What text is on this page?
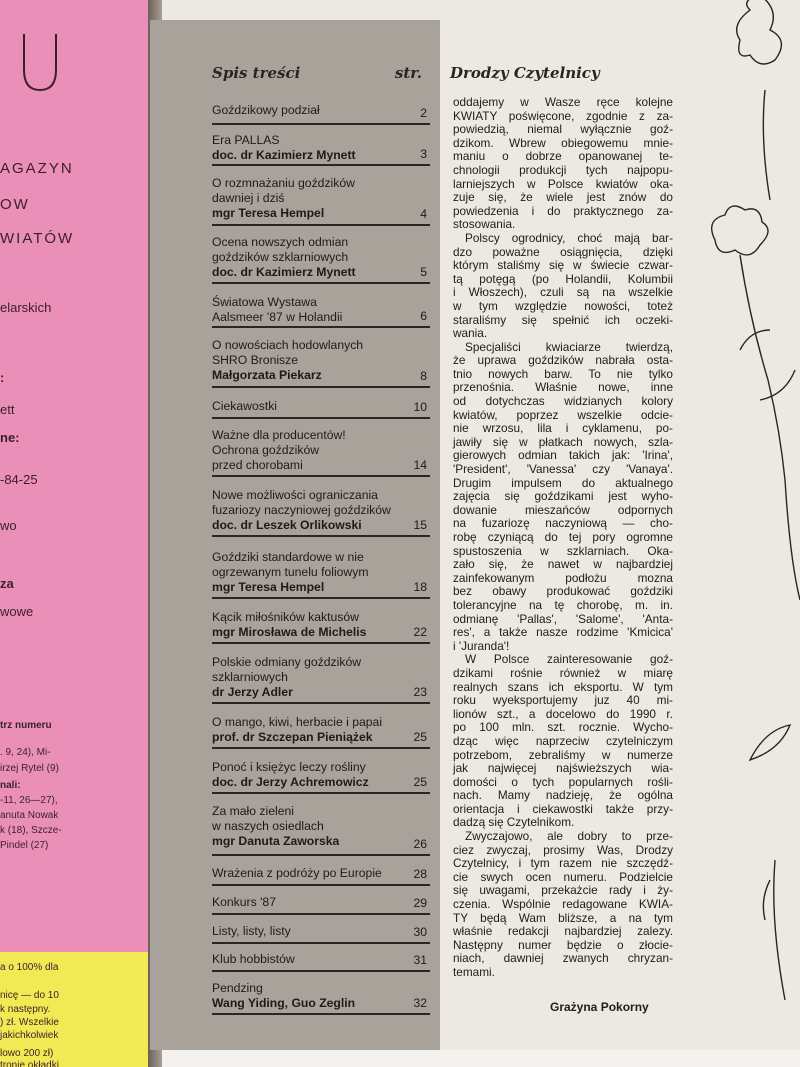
AGAZYN
OW
WIATÓW
elarskich
:
ett
ne:
-84-25
wo
za
wowe
trz numeru
. 9, 24), Mi-
irzej Rytel (9)
nali:
-11, 26—27),
anuta Nowak
k (18), Szcze-
Pindel (27)
a o 100% dla
nicę — do 10
k następny.
) zł. Wszelkie
jakichkolwiek
lowo 200 zł)
tronie okładki
Spis treści	str.
Goździkowy podział	2
Era PALLAS
doc. dr Kazimierz Mynett	3
O rozmnażaniu goździków
dawniej i dziś
mgr Teresa Hempel	4
Ocena nowszych odmian
goździków szklarniowych
doc. dr Kazimierz Mynett	5
Światowa Wystawa
Aalsmeer '87 w Holandii	6
O nowościach hodowlanych
SHRO Bronisze
Małgorzata Piekarz	8
Ciekawostki	10
Ważne dla producentów!
Ochrona goździków
przed chorobami	14
Nowe możliwości ograniczania
fuzariozy naczyniowej goździków
doc. dr Leszek Orlikowski	15
Goździki standardowe w nie
ogrzewanym tunelu foliowym
mgr Teresa Hempel	18
Kącik miłośników kaktusów
mgr Mirosława de Michelis	22
Polskie odmiany goździków
szklarniowych
dr Jerzy Adler	23
O mango, kiwi, herbacie i papai
prof. dr Szczepan Pieniążek	25
Ponoć i księżyc leczy rośliny
doc. dr Jerzy Achremowicz	25
Za mało zieleni
w naszych osiedlach
mgr Danuta Zaworska	26
Wrażenia z podróży po Europie	28
Konkurs '87	29
Listy, listy, listy	30
Klub hobbistów	31
Pendzing
Wang Yiding, Guo Zeglin	32
Drodzy Czytelnicy
oddajemy w Wasze ręce kolejne
KWIATY poświęcone, zgodnie z za-
powiedzią, niemal wyłącznie goź-
dzikom. Wbrew obiegowemu mnie-
maniu o dobrze opanowanej te-
chnologii produkcji tych najpopu-
larniejszych w Polsce kwiatów oka-
zuje się, że wiele jest znów do
powiedzenia i do praktycznego za-
stosowania.
Polscy ogrodnicy, choć mają bar-
dzo poważne osiągnięcia, dzięki
którym staliśmy się w świecie czwar-
tą potęgą (po Holandii, Kolumbii
i Włoszech), czuli są na wszelkie
w tym względzie nowości, toteż
staraliśmy się spełnić ich oczeki-
wania.
Specjaliści kwiaciarze twierdzą,
że uprawa goździków nabrała osta-
tnio nowych barw. To nie tylko
przenośnia. Właśnie nowe, inne
od dotychczas widzianych kolory
kwiatów, poprzez wszelkie odcie-
nie wrzosu, lila i cyklamenu, po-
jawiły się w płatkach nowych, szla-
gierowych odmian takich jak: 'Irina',
'President', 'Vanessa' czy 'Vanaya'.
Drugim impulsem do aktualnego
zajęcia się goździkami jest wyho-
dowanie mieszańców odpornych
na fuzariozę naczyniową — cho-
robę czyniącą do tej pory ogromne
spustoszenia w szklarniach. Oka-
zało się, że nawet w najbardziej
zainfekowanym podłożu mozna
bez obawy produkować goździki
tolerancyjne na tę chorobę, m. in.
odmianę 'Pallas', 'Salome', 'Anta-
res', a także nasze rodzime 'Kmicica'
i 'Juranda'!
W Polsce zainteresowanie goź-
dzikami rośnie również w miarę
realnych szans ich eksportu. W tym
roku wyeksportujemy juz 40 mi-
lionów szt., a docelowo do 1990 r.
po 100 mln. szt. rocznie. Wycho-
dząc więc naprzeciw czytelniczym
potrzebom, zebraliśmy w numerze
jak najwięcej najświeższych wia-
domości o tych popularnych rośli-
nach. Mamy nadzieję, że ogólna
orientacja i ciekawostki także przy-
dadzą się Czytelnikom.
Zwyczajowo, ale dobry to prze-
ciez zwyczaj, prosimy Was, Drodzy
Czytelnicy, i tym razem nie szczędź-
cie swych ocen numeru. Podzielcie
się uwagami, przekażcie rady i ży-
czenia. Wspólnie redagowane KWIA-
TY będą Wam bliższe, a na tym
właśnie redakcji najbardziej zalezy.
Następny numer będzie o złocie-
niach, dawniej zwanych chryzan-
temami.
Grażyna Pokorny
